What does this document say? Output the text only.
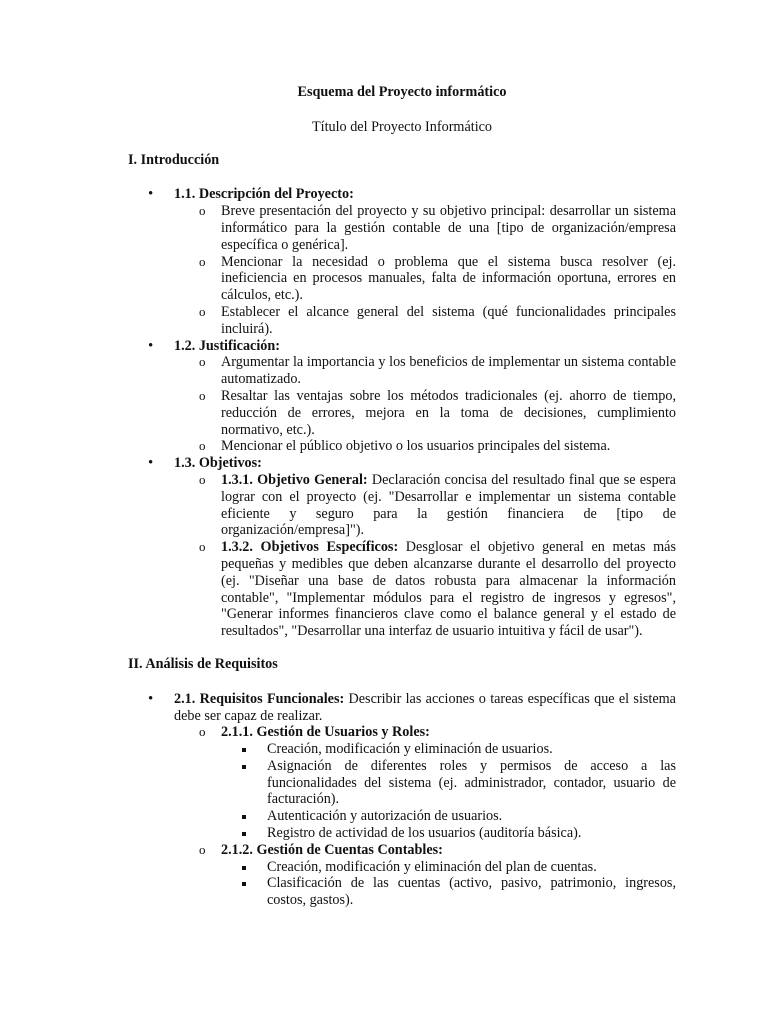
Esquema del Proyecto informático
Título del Proyecto Informático
I. Introducción
• 1.1. Descripción del Proyecto:
o Breve presentación del proyecto y su objetivo principal: desarrollar un sistema informático para la gestión contable de una [tipo de organización/empresa específica o genérica].
o Mencionar la necesidad o problema que el sistema busca resolver (ej. ineficiencia en procesos manuales, falta de información oportuna, errores en cálculos, etc.).
o Establecer el alcance general del sistema (qué funcionalidades principales incluirá).
• 1.2. Justificación:
o Argumentar la importancia y los beneficios de implementar un sistema contable automatizado.
o Resaltar las ventajas sobre los métodos tradicionales (ej. ahorro de tiempo, reducción de errores, mejora en la toma de decisiones, cumplimiento normativo, etc.).
o Mencionar el público objetivo o los usuarios principales del sistema.
• 1.3. Objetivos:
o 1.3.1. Objetivo General: Declaración concisa del resultado final que se espera lograr con el proyecto (ej. "Desarrollar e implementar un sistema contable eficiente y seguro para la gestión financiera de [tipo de organización/empresa]").
o 1.3.2. Objetivos Específicos: Desglosar el objetivo general en metas más pequeñas y medibles que deben alcanzarse durante el desarrollo del proyecto (ej. "Diseñar una base de datos robusta para almacenar la información contable", "Implementar módulos para el registro de ingresos y egresos", "Generar informes financieros clave como el balance general y el estado de resultados", "Desarrollar una interfaz de usuario intuitiva y fácil de usar").
II. Análisis de Requisitos
• 2.1. Requisitos Funcionales: Describir las acciones o tareas específicas que el sistema debe ser capaz de realizar.
o 2.1.1. Gestión de Usuarios y Roles:
Creación, modificación y eliminación de usuarios.
Asignación de diferentes roles y permisos de acceso a las funcionalidades del sistema (ej. administrador, contador, usuario de facturación).
Autenticación y autorización de usuarios.
Registro de actividad de los usuarios (auditoría básica).
o 2.1.2. Gestión de Cuentas Contables:
Creación, modificación y eliminación del plan de cuentas.
Clasificación de las cuentas (activo, pasivo, patrimonio, ingresos, costos, gastos).
